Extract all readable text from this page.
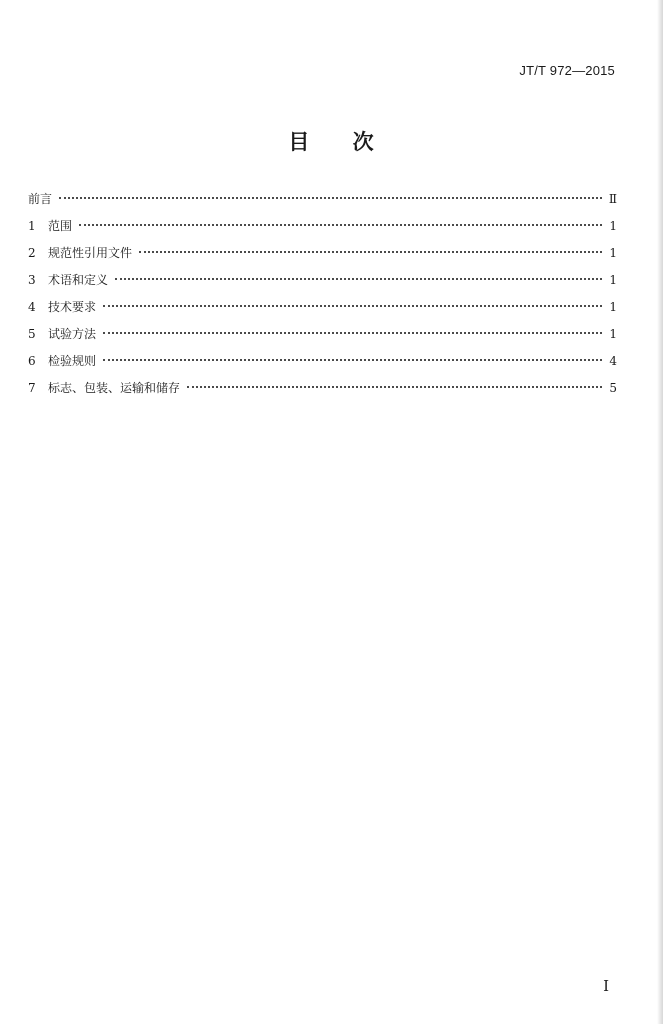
JT/T 972—2015
目 次
前言	Ⅱ
1	范围	1
2	规范性引用文件	1
3	术语和定义	1
4	技术要求	1
5	试验方法	1
6	检验规则	4
7	标志、包装、运输和储存	5
I
